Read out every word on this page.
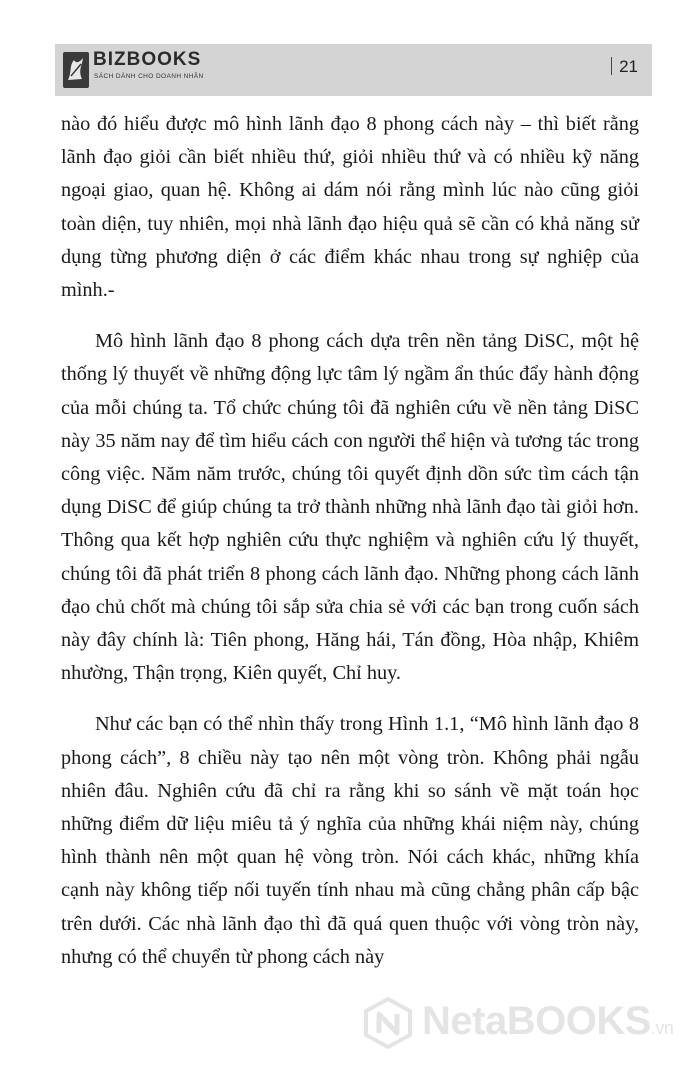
BIZBOOKS
SÁCH DÀNH CHO DOANH NHÂN
21

nào đó hiểu được mô hình lãnh đạo 8 phong cách này – thì biết rằng lãnh đạo giỏi cần biết nhiều thứ, giỏi nhiều thứ và có nhiều kỹ năng ngoại giao, quan hệ. Không ai dám nói rằng mình lúc nào cũng giỏi toàn diện, tuy nhiên, mọi nhà lãnh đạo hiệu quả sẽ cần có khả năng sử dụng từng phương diện ở các điểm khác nhau trong sự nghiệp của mình.-

Mô hình lãnh đạo 8 phong cách dựa trên nền tảng DiSC, một hệ thống lý thuyết về những động lực tâm lý ngầm ẩn thúc đẩy hành động của mỗi chúng ta. Tổ chức chúng tôi đã nghiên cứu về nền tảng DiSC này 35 năm nay để tìm hiểu cách con người thể hiện và tương tác trong công việc. Năm năm trước, chúng tôi quyết định dồn sức tìm cách tận dụng DiSC để giúp chúng ta trở thành những nhà lãnh đạo tài giỏi hơn. Thông qua kết hợp nghiên cứu thực nghiệm và nghiên cứu lý thuyết, chúng tôi đã phát triển 8 phong cách lãnh đạo. Những phong cách lãnh đạo chủ chốt mà chúng tôi sắp sửa chia sẻ với các bạn trong cuốn sách này đây chính là: Tiên phong, Hăng hái, Tán đồng, Hòa nhập, Khiêm nhường, Thận trọng, Kiên quyết, Chỉ huy.

Như các bạn có thể nhìn thấy trong Hình 1.1, “Mô hình lãnh đạo 8 phong cách”, 8 chiều này tạo nên một vòng tròn. Không phải ngẫu nhiên đâu. Nghiên cứu đã chỉ ra rằng khi so sánh về mặt toán học những điểm dữ liệu miêu tả ý nghĩa của những khái niệm này, chúng hình thành nên một quan hệ vòng tròn. Nói cách khác, những khía cạnh này không tiếp nối tuyến tính nhau mà cũng chẳng phân cấp bậc trên dưới. Các nhà lãnh đạo thì đã quá quen thuộc với vòng tròn này, nhưng có thể chuyển từ phong cách này

NetaBOOKS.vn
